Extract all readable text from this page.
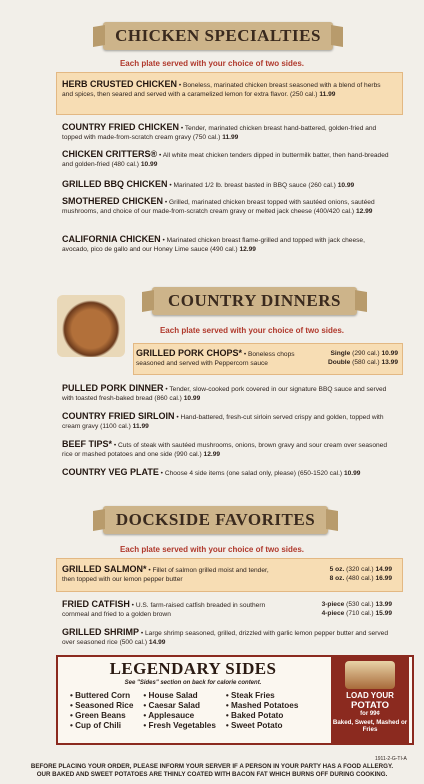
CHICKEN SPECIALTIES
Each plate served with your choice of two sides.
HERB CRUSTED CHICKEN • Boneless, marinated chicken breast seasoned with a blend of herbs and spices, then seared and served with a caramelized lemon for extra flavor. (250 cal.) 11.99
COUNTRY FRIED CHICKEN • Tender, marinated chicken breast hand-battered, golden-fried and topped with made-from-scratch cream gravy (750 cal.) 11.99
CHICKEN CRITTERS® • All white meat chicken tenders dipped in buttermilk batter, then hand-breaded and golden-fried (480 cal.) 10.99
GRILLED BBQ CHICKEN • Marinated 1/2 lb. breast basted in BBQ sauce (260 cal.) 10.99
SMOTHERED CHICKEN • Grilled, marinated chicken breast topped with sautéed onions, sautéed mushrooms, and choice of our made-from-scratch cream gravy or melted jack cheese (400/420 cal.) 12.99
CALIFORNIA CHICKEN • Marinated chicken breast flame-grilled and topped with jack cheese, avocado, pico de gallo and our Honey Lime sauce (490 cal.) 12.99
COUNTRY DINNERS
Each plate served with your choice of two sides.
GRILLED PORK CHOPS* • Boneless chops seasoned and served with Peppercorn sauce
Single (290 cal.) 10.99
Double (580 cal.) 13.99
PULLED PORK DINNER • Tender, slow-cooked pork covered in our signature BBQ sauce and served with toasted fresh-baked bread (860 cal.) 10.99
COUNTRY FRIED SIRLOIN • Hand-battered, fresh-cut sirloin served crispy and golden, topped with cream gravy (1100 cal.) 11.99
BEEF TIPS* • Cuts of steak with sautéed mushrooms, onions, brown gravy and sour cream over seasoned rice or mashed potatoes and one side (990 cal.) 12.99
COUNTRY VEG PLATE • Choose 4 side items (one salad only, please) (650-1520 cal.) 10.99
DOCKSIDE FAVORITES
Each plate served with your choice of two sides.
GRILLED SALMON* • Fillet of salmon grilled moist and tender, then topped with our lemon pepper butter
5 oz. (320 cal.) 14.99
8 oz. (480 cal.) 16.99
FRIED CATFISH • U.S. farm-raised catfish breaded in southern cornmeal and fried to a golden brown
3-piece (530 cal.) 13.99
4-piece (710 cal.) 15.99
GRILLED SHRIMP • Large shrimp seasoned, grilled, drizzled with garlic lemon pepper butter and served over seasoned rice (500 cal.) 14.99
LEGENDARY SIDES
See "Sides" section on back for calorie content.
• Buttered Corn
• Seasoned Rice
• Green Beans
• Cup of Chili
• House Salad
• Caesar Salad
• Applesauce
• Fresh Vegetables
• Steak Fries
• Mashed Potatoes
• Baked Potato
• Sweet Potato
LOAD YOUR
POTATO
for 99¢
Baked, Sweet, Mashed or Fries
1911-2-G-TI-A
BEFORE PLACING YOUR ORDER, PLEASE INFORM YOUR SERVER IF A PERSON IN YOUR PARTY HAS A FOOD ALLERGY.
OUR BAKED AND SWEET POTATOES ARE THINLY COATED WITH BACON FAT WHICH BURNS OFF DURING COOKING.
